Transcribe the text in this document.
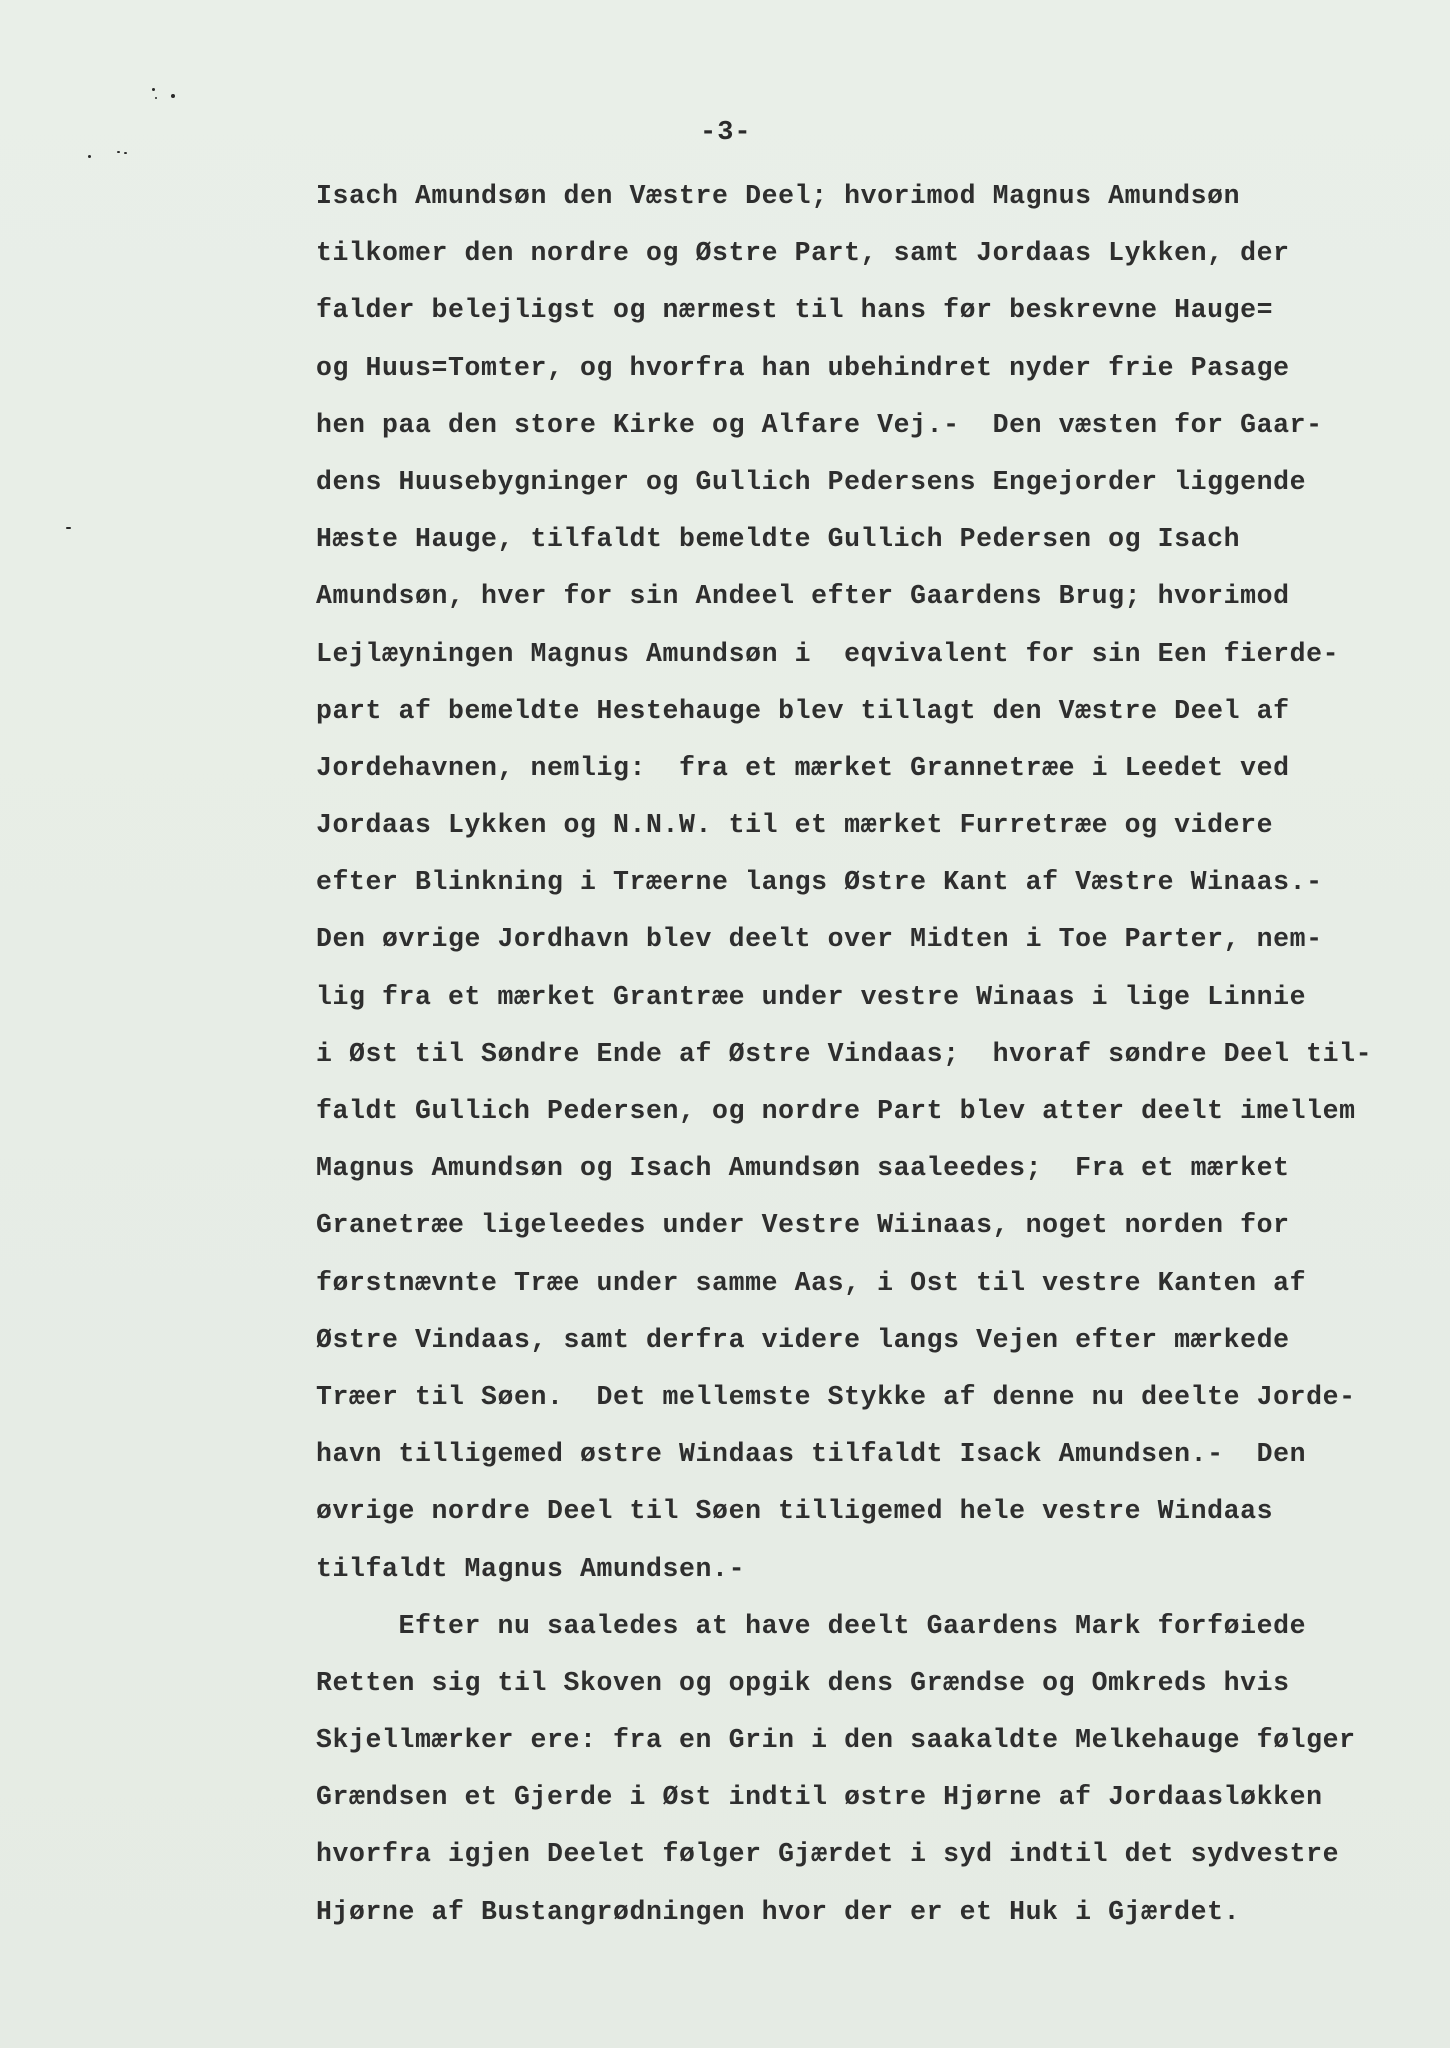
-3-
Isach Amundsøn den Væstre Deel; hvorimod Magnus Amundsøn
tilkomer den nordre og Østre Part, samt Jordaas Lykken, der
falder belejligst og nærmest til hans før beskrevne Hauge=
og Huus=Tomter, og hvorfra han ubehindret nyder frie Pasage
hen paa den store Kirke og Alfare Vej.-  Den væsten for Gaar-
dens Huusebygninger og Gullich Pedersens Engejorder liggende
Hæste Hauge, tilfaldt bemeldte Gullich Pedersen og Isach
Amundsøn, hver for sin Andeel efter Gaardens Brug; hvorimod
Lejlæyningen Magnus Amundsøn i  eqvivalent for sin Een fierde-
part af bemeldte Hestehauge blev tillagt den Væstre Deel af
Jordehavnen, nemlig:  fra et mærket Grannetræe i Leedet ved
Jordaas Lykken og N.N.W. til et mærket Furretræe og videre
efter Blinkning i Træerne langs Østre Kant af Væstre Winaas.-
Den øvrige Jordhavn blev deelt over Midten i Toe Parter, nem-
lig fra et mærket Grantræe under vestre Winaas i lige Linnie
i Øst til Søndre Ende af Østre Vindaas;  hvoraf søndre Deel til-
faldt Gullich Pedersen, og nordre Part blev atter deelt imellem
Magnus Amundsøn og Isach Amundsøn saaleedes;  Fra et mærket
Granetræe ligeleedes under Vestre Wiinaas, noget norden for
førstnævnte Træe under samme Aas, i Ost til vestre Kanten af
Østre Vindaas, samt derfra videre langs Vejen efter mærkede
Træer til Søen.  Det mellemste Stykke af denne nu deelte Jorde-
havn tilligemed østre Windaas tilfaldt Isack Amundsen.-  Den
øvrige nordre Deel til Søen tilligemed hele vestre Windaas
tilfaldt Magnus Amundsen.-
Efter nu saaledes at have deelt Gaardens Mark forføiede
Retten sig til Skoven og opgik dens Grændse og Omkreds hvis
Skjellmærker ere: fra en Grin i den saakaldte Melkehauge følger
Grændsen et Gjerde i Øst indtil østre Hjørne af Jordaasløkken
hvorfra igjen Deelet følger Gjærdet i syd indtil det sydvestre
Hjørne af Bustangrødningen hvor der er et Huk i Gjærdet.
